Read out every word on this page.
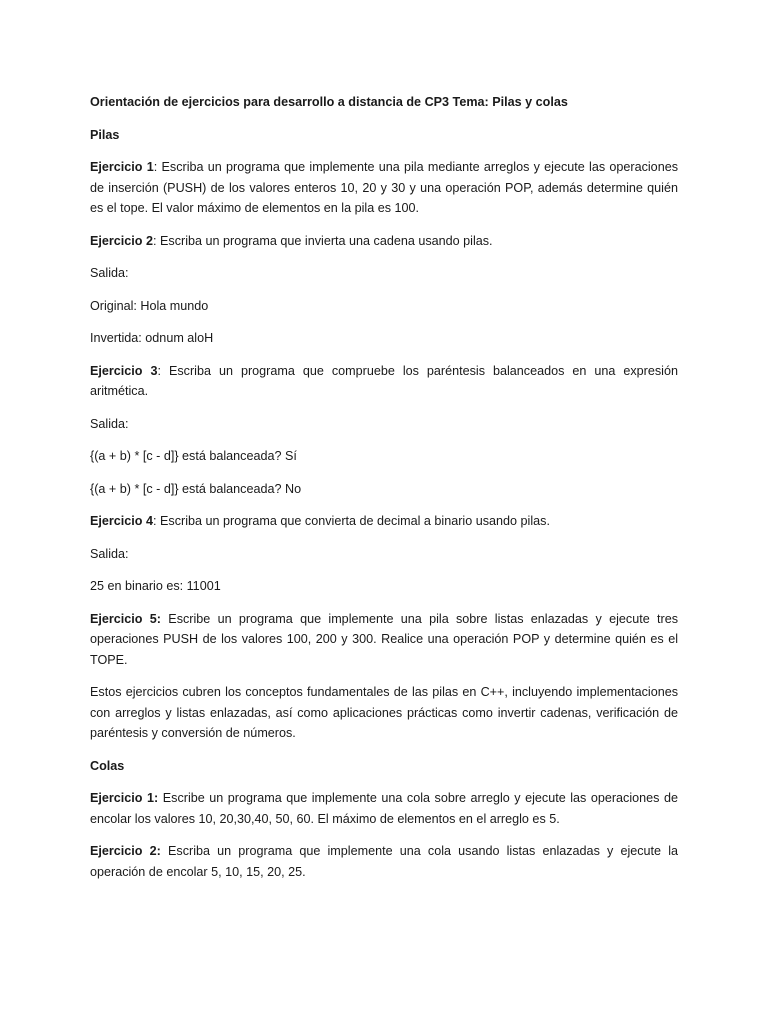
Orientación de ejercicios para desarrollo a distancia de CP3 Tema: Pilas y colas

Pilas

Ejercicio 1: Escriba un programa que implemente una pila mediante arreglos y ejecute las operaciones de inserción (PUSH) de los valores enteros 10, 20 y 30 y una operación POP, además determine quién es el tope. El valor máximo de elementos en la pila es 100.

Ejercicio 2: Escriba un programa que invierta una cadena usando pilas.

Salida:

Original: Hola mundo

Invertida: odnum aloH

Ejercicio 3: Escriba un programa que compruebe los paréntesis balanceados en una expresión aritmética.

Salida:

{(a + b) * [c - d]} está balanceada? Sí

{(a + b) * [c - d]} está balanceada? No

Ejercicio 4: Escriba un programa que convierta de decimal a binario usando pilas.

Salida:

25 en binario es: 11001

Ejercicio 5: Escribe un programa que implemente una pila sobre listas enlazadas y ejecute tres operaciones PUSH de los valores 100, 200 y 300. Realice una operación POP y determine quién es el TOPE.

Estos ejercicios cubren los conceptos fundamentales de las pilas en C++, incluyendo implementaciones con arreglos y listas enlazadas, así como aplicaciones prácticas como invertir cadenas, verificación de paréntesis y conversión de números.

Colas

Ejercicio 1: Escribe un programa que implemente una cola sobre arreglo y ejecute las operaciones de encolar los valores 10, 20,30,40, 50, 60. El máximo de elementos en el arreglo es 5.

Ejercicio 2: Escriba un programa que implemente una cola usando listas enlazadas y ejecute la operación de encolar 5, 10, 15, 20, 25.
